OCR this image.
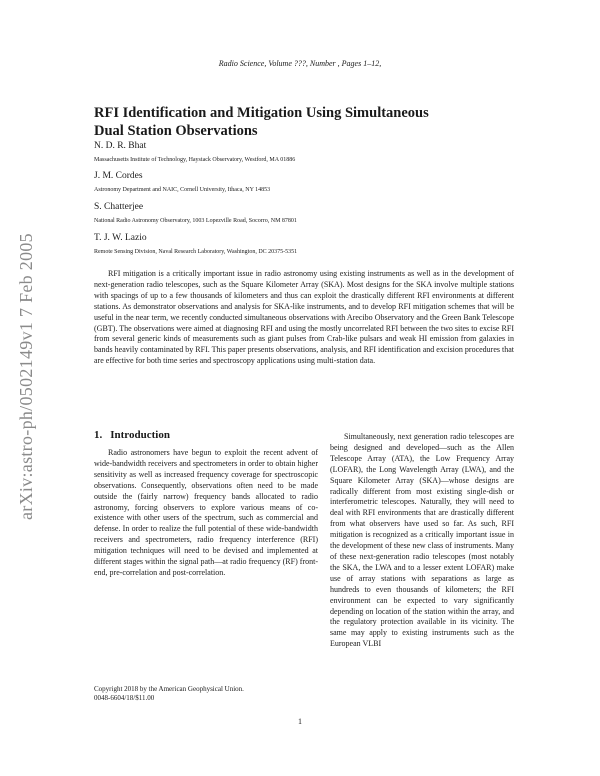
Radio Science, Volume ???, Number , Pages 1–12,
arXiv:astro-ph/0502149v1 7 Feb 2005
RFI Identification and Mitigation Using Simultaneous
Dual Station Observations
N. D. R. Bhat
Massachusetts Institute of Technology, Haystack Observatory, Westford, MA 01886
J. M. Cordes
Astronomy Department and NAIC, Cornell University, Ithaca, NY 14853
S. Chatterjee
National Radio Astronomy Observatory, 1003 Lopezville Road, Socorro, NM 87801
T. J. W. Lazio
Remote Sensing Division, Naval Research Laboratory, Washington, DC 20375-5351
RFI mitigation is a critically important issue in radio astronomy using existing instruments as well as in the development of next-generation radio telescopes, such as the Square Kilometer Array (SKA). Most designs for the SKA involve multiple stations with spacings of up to a few thousands of kilometers and thus can exploit the drastically different RFI environments at different stations. As demonstrator observations and analysis for SKA-like instruments, and to develop RFI mitigation schemes that will be useful in the near term, we recently conducted simultaneous observations with Arecibo Observatory and the Green Bank Telescope (GBT). The observations were aimed at diagnosing RFI and using the mostly uncorrelated RFI between the two sites to excise RFI from several generic kinds of measurements such as giant pulses from Crab-like pulsars and weak HI emission from galaxies in bands heavily contaminated by RFI. This paper presents observations, analysis, and RFI identification and excision procedures that are effective for both time series and spectroscopy applications using multi-station data.
1. Introduction
Radio astronomers have begun to exploit the recent advent of wide-bandwidth receivers and spectrometers in order to obtain higher sensitivity as well as increased frequency coverage for spectroscopic observations. Consequently, observations often need to be made outside the (fairly narrow) frequency bands allocated to radio astronomy, forcing observers to explore various means of co-existence with other users of the spectrum, such as commercial and defense. In order to realize the full potential of these wide-bandwidth receivers and spectrometers, radio frequency interference (RFI) mitigation techniques will need to be devised and implemented at different stages within the signal path—at radio frequency (RF) front-end, pre-correlation and post-correlation.
Simultaneously, next generation radio telescopes are being designed and developed—such as the Allen Telescope Array (ATA), the Low Frequency Array (LOFAR), the Long Wavelength Array (LWA), and the Square Kilometer Array (SKA)—whose designs are radically different from most existing single-dish or interferometric telescopes. Naturally, they will need to deal with RFI environments that are drastically different from what observers have used so far. As such, RFI mitigation is recognized as a critically important issue in the development of these new class of instruments. Many of these next-generation radio telescopes (most notably the SKA, the LWA and to a lesser extent LOFAR) make use of array stations with separations as large as hundreds to even thousands of kilometers; the RFI environment can be expected to vary significantly depending on location of the station within the array, and the regulatory protection available in its vicinity. The same may apply to existing instruments such as the European VLBI
Copyright 2018 by the American Geophysical Union.
0048-6604/18/$11.00
1
